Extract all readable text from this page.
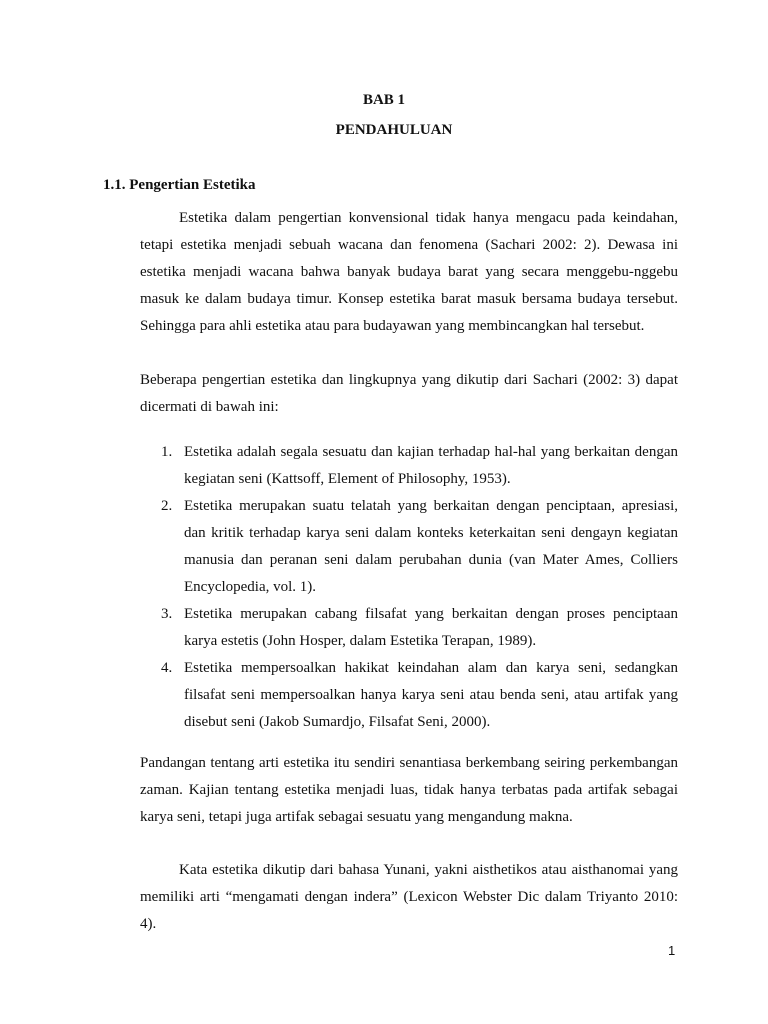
BAB 1

PENDAHULUAN

1.1. Pengertian Estetika

Estetika dalam pengertian konvensional tidak hanya mengacu pada keindahan, tetapi estetika menjadi sebuah wacana dan fenomena (Sachari 2002: 2). Dewasa ini estetika menjadi wacana bahwa banyak budaya barat yang secara menggebu-nggebu masuk ke dalam budaya timur. Konsep estetika barat masuk bersama budaya tersebut. Sehingga para ahli estetika atau para budayawan yang membincangkan hal tersebut.

Beberapa pengertian estetika dan lingkupnya yang dikutip dari Sachari (2002: 3) dapat dicermati di bawah ini:

1. Estetika adalah segala sesuatu dan kajian terhadap hal-hal yang berkaitan dengan kegiatan seni (Kattsoff, Element of Philosophy, 1953).
2. Estetika merupakan suatu telatah yang berkaitan dengan penciptaan, apresiasi, dan kritik terhadap karya seni dalam konteks keterkaitan seni dengayn kegiatan manusia dan peranan seni dalam perubahan dunia (van Mater Ames, Colliers Encyclopedia, vol. 1).
3. Estetika merupakan cabang filsafat yang berkaitan dengan proses penciptaan karya estetis (John Hosper, dalam Estetika Terapan, 1989).
4. Estetika mempersoalkan hakikat keindahan alam dan karya seni, sedangkan filsafat seni mempersoalkan hanya karya seni atau benda seni, atau artifak yang disebut seni (Jakob Sumardjo, Filsafat Seni, 2000).

Pandangan tentang arti estetika itu sendiri senantiasa berkembang seiring perkembangan zaman. Kajian tentang estetika menjadi luas, tidak hanya terbatas pada artifak sebagai karya seni, tetapi juga artifak sebagai sesuatu yang mengandung makna.

Kata estetika dikutip dari bahasa Yunani, yakni aisthetikos atau aisthanomai yang memiliki arti “mengamati dengan indera” (Lexicon Webster Dic dalam Triyanto 2010: 4).

1
